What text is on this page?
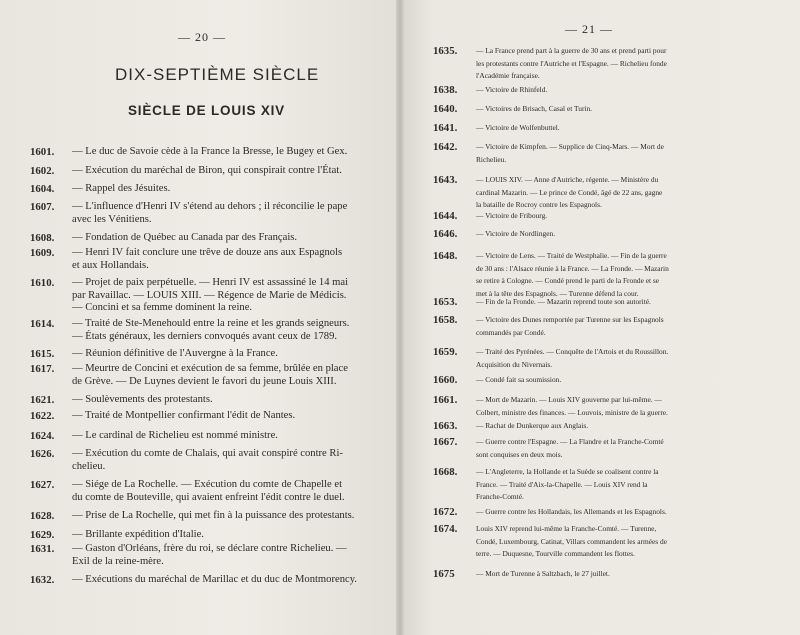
— 20 —
DIX-SEPTIÈME SIÈCLE
SIÈCLE DE LOUIS XIV
1601.	— Le duc de Savoie cède à la France la Bresse, le Bugey et Gex.
1602.	— Exécution du maréchal de Biron, qui conspirait contre l'État.
1604.	— Rappel des Jésuites.
1607.	— L'influence d'Henri IV s'étend au dehors ; il réconcilie le pape
avec les Vénitiens.
1608.	— Fondation de Québec au Canada par des Français.
1609.	— Henri IV fait conclure une trêve de douze ans aux Espagnols
et aux Hollandais.
1610.	— Projet de paix perpétuelle. — Henri IV est assassiné le 14 mai
par Ravaillac. — LOUIS XIII. — Régence de Marie de Médicis.
— Concini et sa femme dominent la reine.
1614.	— Traité de Ste-Menehould entre la reine et les grands seigneurs.
— États généraux, les derniers convoqués avant ceux de 1789.
1615.	— Réunion définitive de l'Auvergne à la France.
1617.	— Meurtre de Concini et exécution de sa femme, brûlée en place
de Grève. — De Luynes devient le favori du jeune Louis XIII.
1621.	— Soulèvements des protestants.
1622.	— Traité de Montpellier confirmant l'édit de Nantes.
1624.	— Le cardinal de Richelieu est nommé ministre.
1626.	— Exécution du comte de Chalais, qui avait conspiré contre Ri-
chelieu.
1627.	— Siége de La Rochelle. — Exécution du comte de Chapelle et
du comte de Bouteville, qui avaient enfreint l'édit contre le duel.
1628.	— Prise de La Rochelle, qui met fin à la puissance des protestants.
1629.	— Brillante expédition d'Italie.
1631.	— Gaston d'Orléans, frère du roi, se déclare contre Richelieu. —
Exil de la reine-mère.
1632.	— Exécutions du maréchal de Marillac et du duc de Montmorency.
— 21 —
1635.	— La France prend part à la guerre de 30 ans et prend parti pour
les protestants contre l'Autriche et l'Espagne. — Richelieu fonde
l'Académie française.
1638.	— Victoire de Rhinfeld.
1640.	— Victoires de Brisach, Casal et Turin.
1641.	— Victoire de Wolfenbuttel.
1642.	— Victoire de Kimpfen. — Supplice de Cinq-Mars. — Mort de
Richelieu.
1643.	— LOUIS XIV. — Anne d'Autriche, régente. — Ministère du
cardinal Mazarin. — Le prince de Condé, âgé de 22 ans, gagne
la bataille de Rocroy contre les Espagnols.
1644.	— Victoire de Fribourg.
1646.	— Victoire de Nordlingen.
1648.	— Victoire de Lens. — Traité de Westphalie. — Fin de la guerre
de 30 ans : l'Alsace réunie à la France. — La Fronde. — Mazarin
se retire à Cologne. — Condé prend le parti de la Fronde et se
met à la tête des Espagnols. — Turenne défend la cour.
1653.	— Fin de la Fronde. — Mazarin reprend toute son autorité.
1658.	— Victoire des Dunes remportée par Turenne sur les Espagnols
commandés par Condé.
1659.	— Traité des Pyrénées. — Conquête de l'Artois et du Roussillon.
Acquisition du Nivernais.
1660.	— Condé fait sa soumission.
1661.	— Mort de Mazarin. — Louis XIV gouverne par lui-même. —
Colbert, ministre des finances. — Louvois, ministre de la guerre.
1663.	— Rachat de Dunkerque aux Anglais.
1667.	— Guerre contre l'Espagne. — La Flandre et la Franche-Comté
sont conquises en deux mois.
1668.	— L'Angleterre, la Hollande et la Suède se coalisent contre la
France. — Traité d'Aix-la-Chapelle. — Louis XIV rend la
Franche-Comté.
1672.	— Guerre contre les Hollandais, les Allemands et les Espagnols.
1674.	Louis XIV reprend lui-même la Franche-Comté. — Turenne,
Condé, Luxembourg, Catinat, Villars commandent les armées de
terre. — Duquesne, Tourville commandent les flottes.
1675	— Mort de Turenne à Saltzbach, le 27 juillet.
